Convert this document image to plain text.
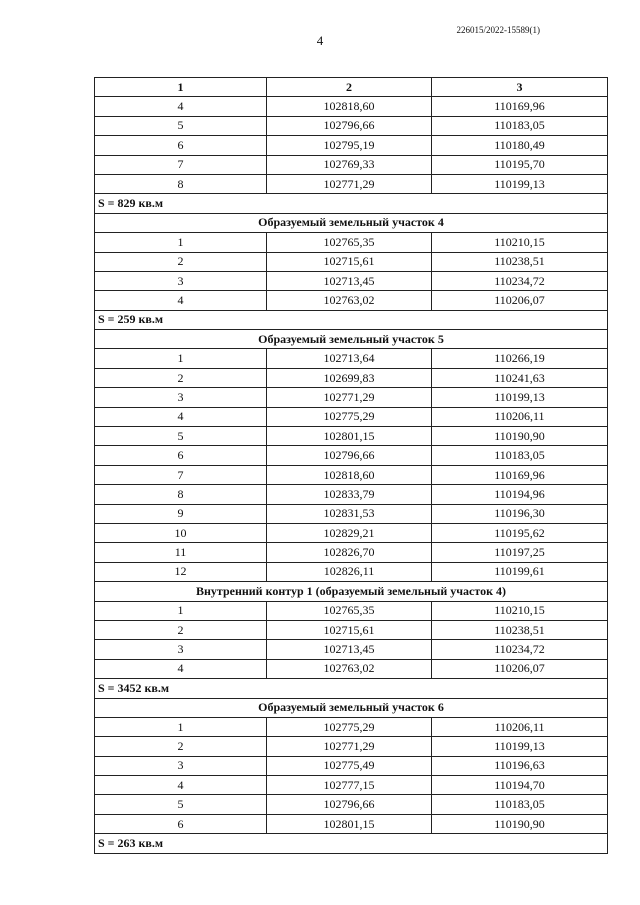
226015/2022-15589(1)
4
1	2	3
4	102818,60	110169,96
5	102796,66	110183,05
6	102795,19	110180,49
7	102769,33	110195,70
8	102771,29	110199,13
S = 829 кв.м		
Образуемый земельный участок 4		
1	102765,35	110210,15
2	102715,61	110238,51
3	102713,45	110234,72
4	102763,02	110206,07
S = 259 кв.м		
Образуемый земельный участок 5		
1	102713,64	110266,19
2	102699,83	110241,63
3	102771,29	110199,13
4	102775,29	110206,11
5	102801,15	110190,90
6	102796,66	110183,05
7	102818,60	110169,96
8	102833,79	110194,96
9	102831,53	110196,30
10	102829,21	110195,62
11	102826,70	110197,25
12	102826,11	110199,61
Внутренний контур 1 (образуемый земельный участок 4)		
1	102765,35	110210,15
2	102715,61	110238,51
3	102713,45	110234,72
4	102763,02	110206,07
S = 3452 кв.м		
Образуемый земельный участок 6		
1	102775,29	110206,11
2	102771,29	110199,13
3	102775,49	110196,63
4	102777,15	110194,70
5	102796,66	110183,05
6	102801,15	110190,90
S = 263 кв.м		
